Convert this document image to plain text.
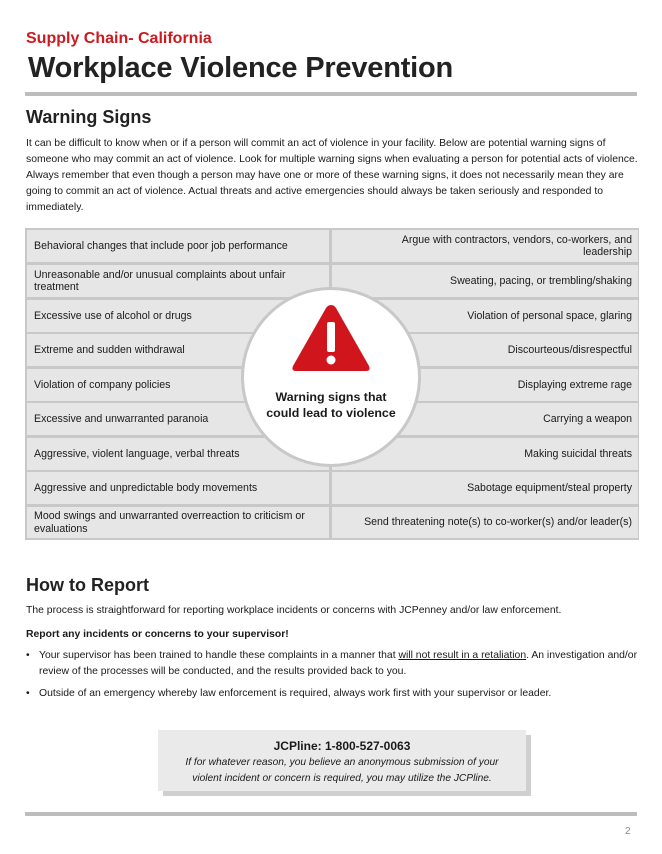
Supply Chain- California
Workplace Violence Prevention
Warning Signs

It can be difficult to know when or if a person will commit an act of violence in your facility. Below are potential warning signs of someone who may commit an act of violence. Look for multiple warning signs when evaluating a person for potential acts of violence. Always remember that even though a person may have one or more of these warning signs, it does not necessarily mean they are going to commit an act of violence. Actual threats and active emergencies should always be taken seriously and responded to immediately.

Behavioral changes that include poor job performance
Unreasonable and/or unusual complaints about unfair treatment
Excessive use of alcohol or drugs
Extreme and sudden withdrawal
Violation of company policies
Excessive and unwarranted paranoia
Aggressive, violent language, verbal threats
Aggressive and unpredictable body movements
Mood swings and unwarranted overreaction to criticism or evaluations
Argue with contractors, vendors, co-workers, and leadership
Sweating, pacing, or trembling/shaking
Violation of personal space, glaring
Discourteous/disrespectful
Displaying extreme rage
Carrying a weapon
Making suicidal threats
Sabotage equipment/steal property
Send threatening note(s) to co-worker(s) and/or leader(s)
Warning signs that could lead to violence
How to Report

The process is straightforward for reporting workplace incidents or concerns with JCPenney and/or law enforcement.

Report any incidents or concerns to your supervisor!

• Your supervisor has been trained to handle these complaints in a manner that will not result in a retaliation. An investigation and/or review of the processes will be conducted, and the results provided back to you.
• Outside of an emergency whereby law enforcement is required, always work first with your supervisor or leader.
JCPline: 1-800-527-0063
If for whatever reason, you believe an anonymous submission of your
violent incident or concern is required, you may utilize the JCPline.
2
